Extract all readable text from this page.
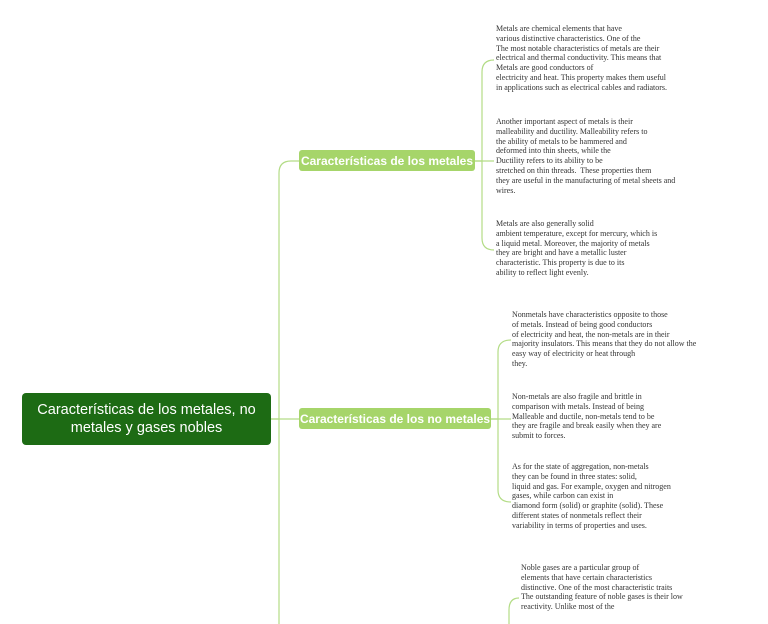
Características de los metales, no metales y gases nobles
Características de los metales
Características de los no metales
Metals are chemical elements that have
various distinctive characteristics. One of the
The most notable characteristics of metals are their
electrical and thermal conductivity. This means that
Metals are good conductors of
electricity and heat. This property makes them useful
in applications such as electrical cables and radiators.
Another important aspect of metals is their
malleability and ductility. Malleability refers to
the ability of metals to be hammered and
deformed into thin sheets, while the
Ductility refers to its ability to be
stretched on thin threads.  These properties them
they are useful in the manufacturing of metal sheets and
wires.
Metals are also generally solid
ambient temperature, except for mercury, which is
a liquid metal. Moreover, the majority of metals
they are bright and have a metallic luster
characteristic. This property is due to its
ability to reflect light evenly.
Nonmetals have characteristics opposite to those
of metals. Instead of being good conductors
of electricity and heat, the non-metals are in their
majority insulators. This means that they do not allow the
easy way of electricity or heat through
they.
Non-metals are also fragile and brittle in
comparison with metals. Instead of being
Malleable and ductile, non-metals tend to be
they are fragile and break easily when they are
submit to forces.
As for the state of aggregation, non-metals
they can be found in three states: solid,
liquid and gas. For example, oxygen and nitrogen
gases, while carbon can exist in
diamond form (solid) or graphite (solid). These
different states of nonmetals reflect their
variability in terms of properties and uses.
Noble gases are a particular group of
elements that have certain characteristics
distinctive. One of the most characteristic traits
The outstanding feature of noble gases is their low
reactivity. Unlike most of the
